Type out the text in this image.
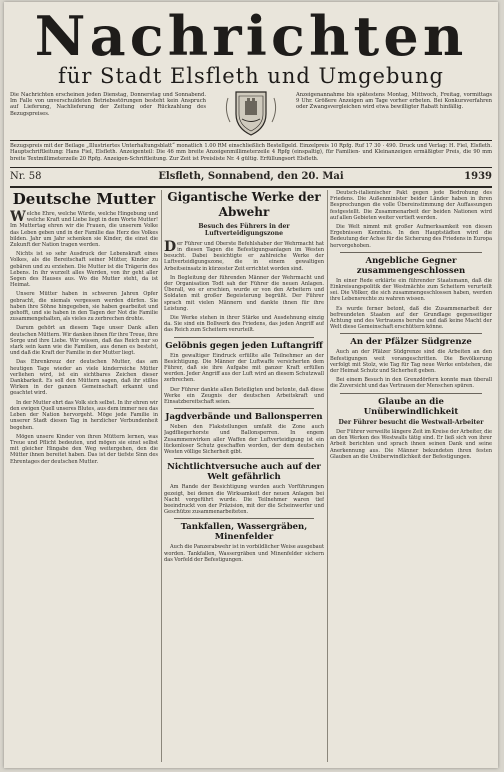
Nachrichten
für Stadt Elsfleth und Umgebung
Die Nachrichten erscheinen jeden Dienstag, Donnerstag und Sonnabend. Im Falle von unverschuldeten Betriebsstörungen besteht kein Anspruch auf Lieferung, Nachlieferung der Zeitung oder Rückzahlung des Bezugspreises.
Anzeigenannahme bis spätestens Montag, Mittwoch, Freitag, vormittags 9 Uhr. Größere Anzeigen am Tage vorher erbeten. Bei Konkursverfahren oder Zwangsvergleichen wird etwa bewilligter Rabatt hinfällig.
Bezugspreis mit der Beilage „Illustriertes Unterhaltungsblatt“ monatlich 1.00 RM einschließlich Bestellgeld. Einzelpreis 10 Rpfg. Ruf 17 30 · 490. Druck und Verlag: H. Fiel, Elsfleth. Hauptschriftleitung: Hans Fiel, Elsfleth. Anzeigenteil: Die 46 mm breite Anzeigenmillimeterzeile 4 Rpfg (einspaltig), für Familien- und Kleinanzeigen ermäßigter Preis, die 90 mm breite Textmillimeterzeile 20 Rpfg. Anzeigen-Schriftleitung. Zur Zeit ist Preisliste Nr. 4 gültig. Erfüllungsort Elsfleth.
Nr. 58	Elsfleth, Sonnabend, den 20. Mai	1939
Deutsche Mutter

Welche Ehre, welche Würde, welche Hingebung und welche Kraft und Liebe liegt in dem Worte Mutter! Im Muttertag ehren wir die Frauen, die unserem Volke das Leben geben und in der Familie das Herz des Volkes bilden. Jahr um Jahr schenken sie Kinder, die einst die Zukunft der Nation tragen werden.

Nichts ist so sehr Ausdruck der Lebenskraft eines Volkes, als die Bereitschaft seiner Mütter, Kinder zu gebären und zu erziehen. Die Mutter ist die Trägerin des Lebens. In ihr wurzelt alles Werden, von ihr geht aller Segen des Hauses aus. Wo die Mutter steht, da ist Heimat.

Unsere Mütter haben in schweren Jahren Opfer gebracht, die niemals vergessen werden dürfen. Sie haben ihre Söhne hingegeben, sie haben gearbeitet und gehofft, und sie haben in den Tagen der Not die Familie zusammengehalten, als vieles zu zerbrechen drohte.

Darum gehört an diesem Tage unser Dank allen deutschen Müttern. Wir danken ihnen für ihre Treue, ihre Sorge und ihre Liebe. Wir wissen, daß das Reich nur so stark sein kann wie die Familien, aus denen es besteht, und daß die Kraft der Familie in der Mutter liegt.

Das Ehrenkreuz der deutschen Mutter, das am heutigen Tage wieder an viele kinderreiche Mütter verliehen wird, ist ein sichtbares Zeichen dieser Dankbarkeit. Es soll den Müttern sagen, daß ihr stilles Wirken in der ganzen Gemeinschaft erkannt und geachtet wird.

In der Mutter ehrt das Volk sich selbst. In ihr ehren wir den ewigen Quell unseres Blutes, aus dem immer neu das Leben der Nation hervorgeht. Möge jede Familie in unserer Stadt diesen Tag in herzlicher Verbundenheit begehen.

Mögen unsere Kinder von ihren Müttern lernen, was Treue und Pflicht bedeuten, und mögen sie einst selbst mit gleicher Hingabe den Weg weitergehen, den die Mütter ihnen bereitet haben. Das ist der tiefste Sinn des Ehrentages der deutschen Mutter.

Gigantische Werke der Abwehr
Besuch des Führers in der Luftverteidigungszone

Der Führer und Oberste Befehlshaber der Wehrmacht hat in diesen Tagen die Befestigungsanlagen im Westen besucht. Dabei besichtigte er zahlreiche Werke der Luftverteidigungszone, die in einem gewaltigen Arbeitseinsatz in kürzester Zeit errichtet worden sind.

In Begleitung der führenden Männer der Wehrmacht und der Organisation Todt sah der Führer die neuen Anlagen. Überall, wo er erschien, wurde er von den Arbeitern und Soldaten mit großer Begeisterung begrüßt. Der Führer sprach mit vielen Männern und dankte ihnen für ihre Leistung.

Die Werke stehen in ihrer Stärke und Ausdehnung einzig da. Sie sind ein Bollwerk des Friedens, das jeden Angriff auf das Reich zum Scheitern verurteilt.

Gelöbnis gegen jeden Luftangriff

Ein gewaltiger Eindruck erfüllte alle Teilnehmer an der Besichtigung. Die Männer der Luftwaffe versicherten dem Führer, daß sie ihre Aufgabe mit ganzer Kraft erfüllen werden. Jeder Angriff aus der Luft wird an diesem Schutzwall zerbrechen.

Der Führer dankte allen Beteiligten und betonte, daß diese Werke ein Zeugnis der deutschen Arbeitskraft und Einsatzbereitschaft seien.

Jagdverbände und Ballonsperren

Neben den Flakstellungen umfaßt die Zone auch Jagdfliegerhorste und Ballonsperren. In engem Zusammenwirken aller Waffen der Luftverteidigung ist ein lückenloser Schutz geschaffen worden, der dem deutschen Westen völlige Sicherheit gibt.

Nichtlichtversuche auch auf der Welt gefährlich

Am Rande der Besichtigung wurden auch Vorführungen gezeigt, bei denen die Wirksamkeit der neuen Anlagen bei Nacht vorgeführt wurde. Die Teilnehmer waren tief beeindruckt von der Präzision, mit der die Scheinwerfer und Geschütze zusammenarbeiteten.

Tankfallen, Wassergräben, Minenfelder

Auch die Panzerabwehr ist in vorbildlicher Weise ausgebaut worden. Tankfallen, Wassergräben und Minenfelder sichern das Vorfeld der Befestigungen.

Deutsch-italienischer Pakt gegen jede Bedrohung des Friedens. Die Außenminister beider Länder haben in ihren Besprechungen die volle Übereinstimmung der Auffassungen festgestellt. Die Zusammenarbeit der beiden Nationen wird auf allen Gebieten weiter vertieft werden.

Die Welt nimmt mit großer Aufmerksamkeit von diesen Ergebnissen Kenntnis. In den Hauptstädten wird die Bedeutung der Achse für die Sicherung des Friedens in Europa hervorgehoben.

Angebliche Gegner zusammengeschlossen

In einer Rede erklärte ein führender Staatsmann, daß die Einkreisungspolitik der Westmächte zum Scheitern verurteilt sei. Die Völker, die sich zusammengeschlossen haben, werden ihre Lebensrechte zu wahren wissen.

Es wurde ferner betont, daß die Zusammenarbeit der befreundeten Staaten auf der Grundlage gegenseitiger Achtung und des Vertrauens beruhe und daß keine Macht der Welt diese Gemeinschaft erschüttern könne.

An der Pfälzer Südgrenze

Auch an der Pfälzer Südgrenze sind die Arbeiten an den Befestigungen weit vorangeschritten. Die Bevölkerung verfolgt mit Stolz, wie Tag für Tag neue Werke entstehen, die der Heimat Schutz und Sicherheit geben.

Bei einem Besuch in den Grenzdörfern konnte man überall die Zuversicht und das Vertrauen der Menschen spüren.

Glaube an die Unüberwindlichkeit
Der Führer besucht die Westwall-Arbeiter

Der Führer verweilte längere Zeit im Kreise der Arbeiter, die an den Werken des Westwalls tätig sind. Er ließ sich von ihrer Arbeit berichten und sprach ihnen seinen Dank und seine Anerkennung aus. Die Männer bekundeten ihren festen Glauben an die Unüberwindlichkeit der Befestigungen.
